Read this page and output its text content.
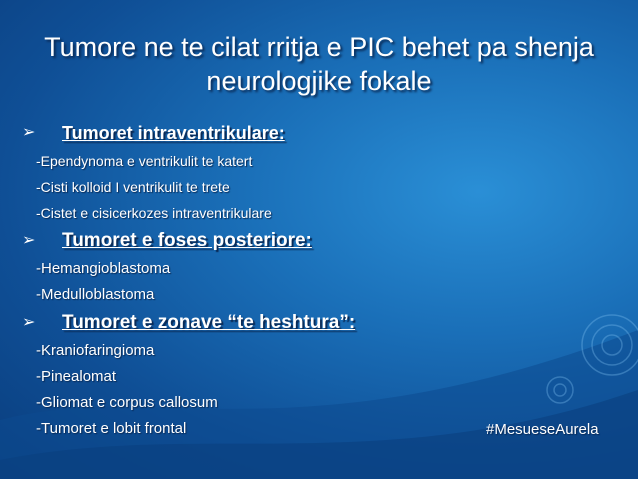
Tumore ne te cilat rritja e PIC behet pa shenja neurologjike fokale
➢ Tumoret intraventrikulare:
-Ependynoma e ventrikulit te katert
-Cisti kolloid I ventrikulit te trete
-Cistet e cisicerkozes intraventrikulare
➢ Tumoret e foses posteriore:
-Hemangioblastoma
-Medulloblastoma
➢ Tumoret e zonave “te heshtura”:
-Kraniofaringioma
-Pinealomat
-Gliomat e corpus callosum
-Tumoret e lobit frontal	#MesueseAurela
